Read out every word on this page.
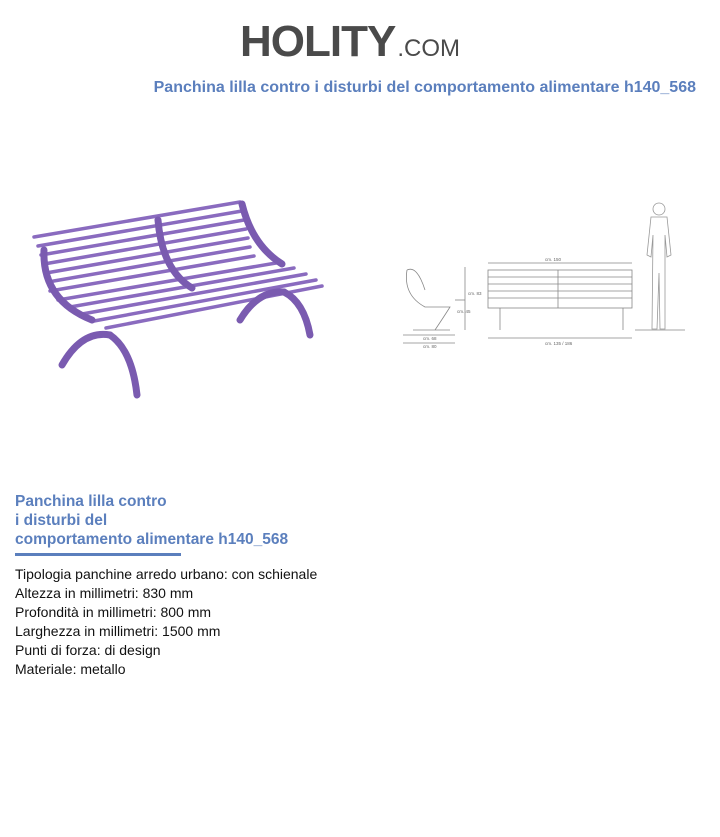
HOLITY .COM
Panchina lilla contro i disturbi del comportamento alimentare h140_568
cm. 150
cm. 83
cm. 45
cm. 68
cm. 80
cm. 135 / 186
Panchina lilla contro
i disturbi del
comportamento alimentare h140_568
Tipologia panchine arredo urbano: con schienale
Altezza in millimetri: 830 mm
Profondità in millimetri: 800 mm
Larghezza in millimetri: 1500 mm
Punti di forza: di design
Materiale: metallo
